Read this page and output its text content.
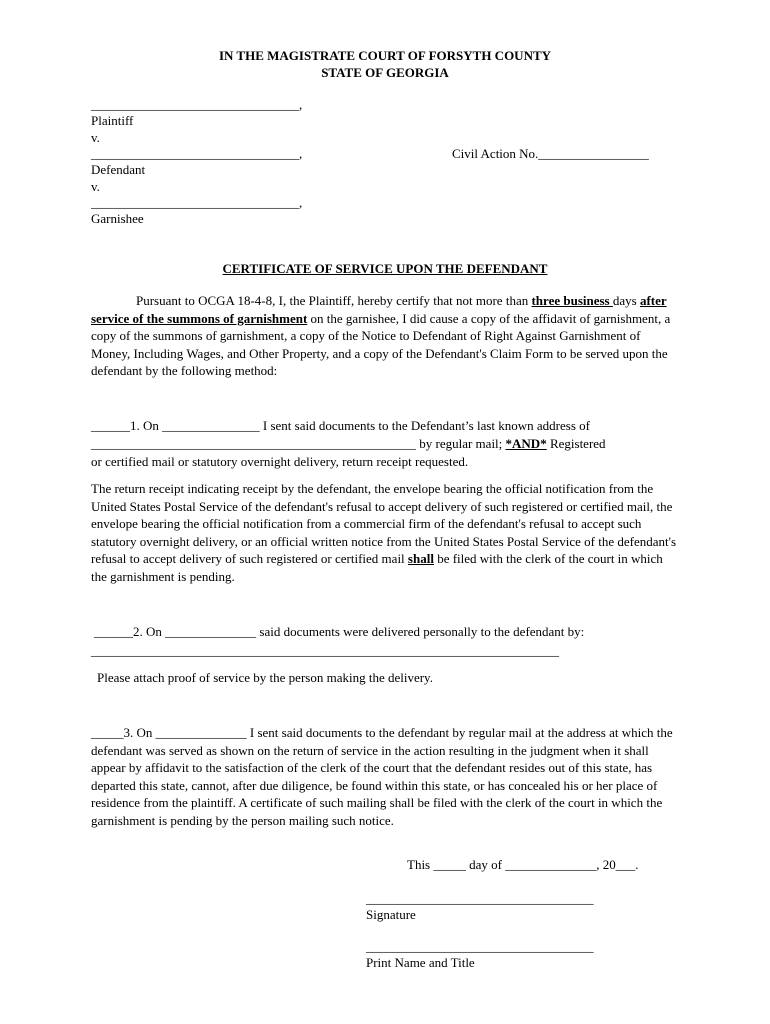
IN THE MAGISTRATE COURT OF FORSYTH COUNTY
STATE OF GEORGIA
________________________________,
Plaintiff
v.
________________________________,	Civil Action No._________________
Defendant
v.
________________________________,
Garnishee
CERTIFICATE OF SERVICE UPON THE DEFENDANT
Pursuant to OCGA 18-4-8, I, the Plaintiff, hereby certify that not more than three business days after service of the summons of garnishment on the garnishee, I did cause a copy of the affidavit of garnishment, a copy of the summons of garnishment, a copy of the Notice to Defendant of Right Against Garnishment of Money, Including Wages, and Other Property, and a copy of the Defendant's Claim Form to be served upon the defendant by the following method:
______1. On _______________ I sent said documents to the Defendant’s last known address of
__________________________________________________ by regular mail; *AND* Registered
or certified mail or statutory overnight delivery, return receipt requested.
The return receipt indicating receipt by the defendant, the envelope bearing the official notification from the United States Postal Service of the defendant's refusal to accept delivery of such registered or certified mail, the envelope bearing the official notification from a commercial firm of the defendant's refusal to accept such statutory overnight delivery, or an official written notice from the United States Postal Service of the defendant's refusal to accept delivery of such registered or certified mail shall be filed with the clerk of the court in which the garnishment is pending.
______2. On ______________ said documents were delivered personally to the defendant by:
________________________________________________________________________
Please attach proof of service by the person making the delivery.
_____3. On ______________ I sent said documents to the defendant by regular mail at the address at which the defendant was served as shown on the return of service in the action resulting in the judgment when it shall appear by affidavit to the satisfaction of the clerk of the court that the defendant resides out of this state, has departed this state, cannot, after due diligence, be found within this state, or has concealed his or her place of residence from the plaintiff. A certificate of such mailing shall be filed with the clerk of the court in which the garnishment is pending by the person mailing such notice.
This _____ day of ______________, 20___.
___________________________________
Signature
___________________________________
Print Name and Title
